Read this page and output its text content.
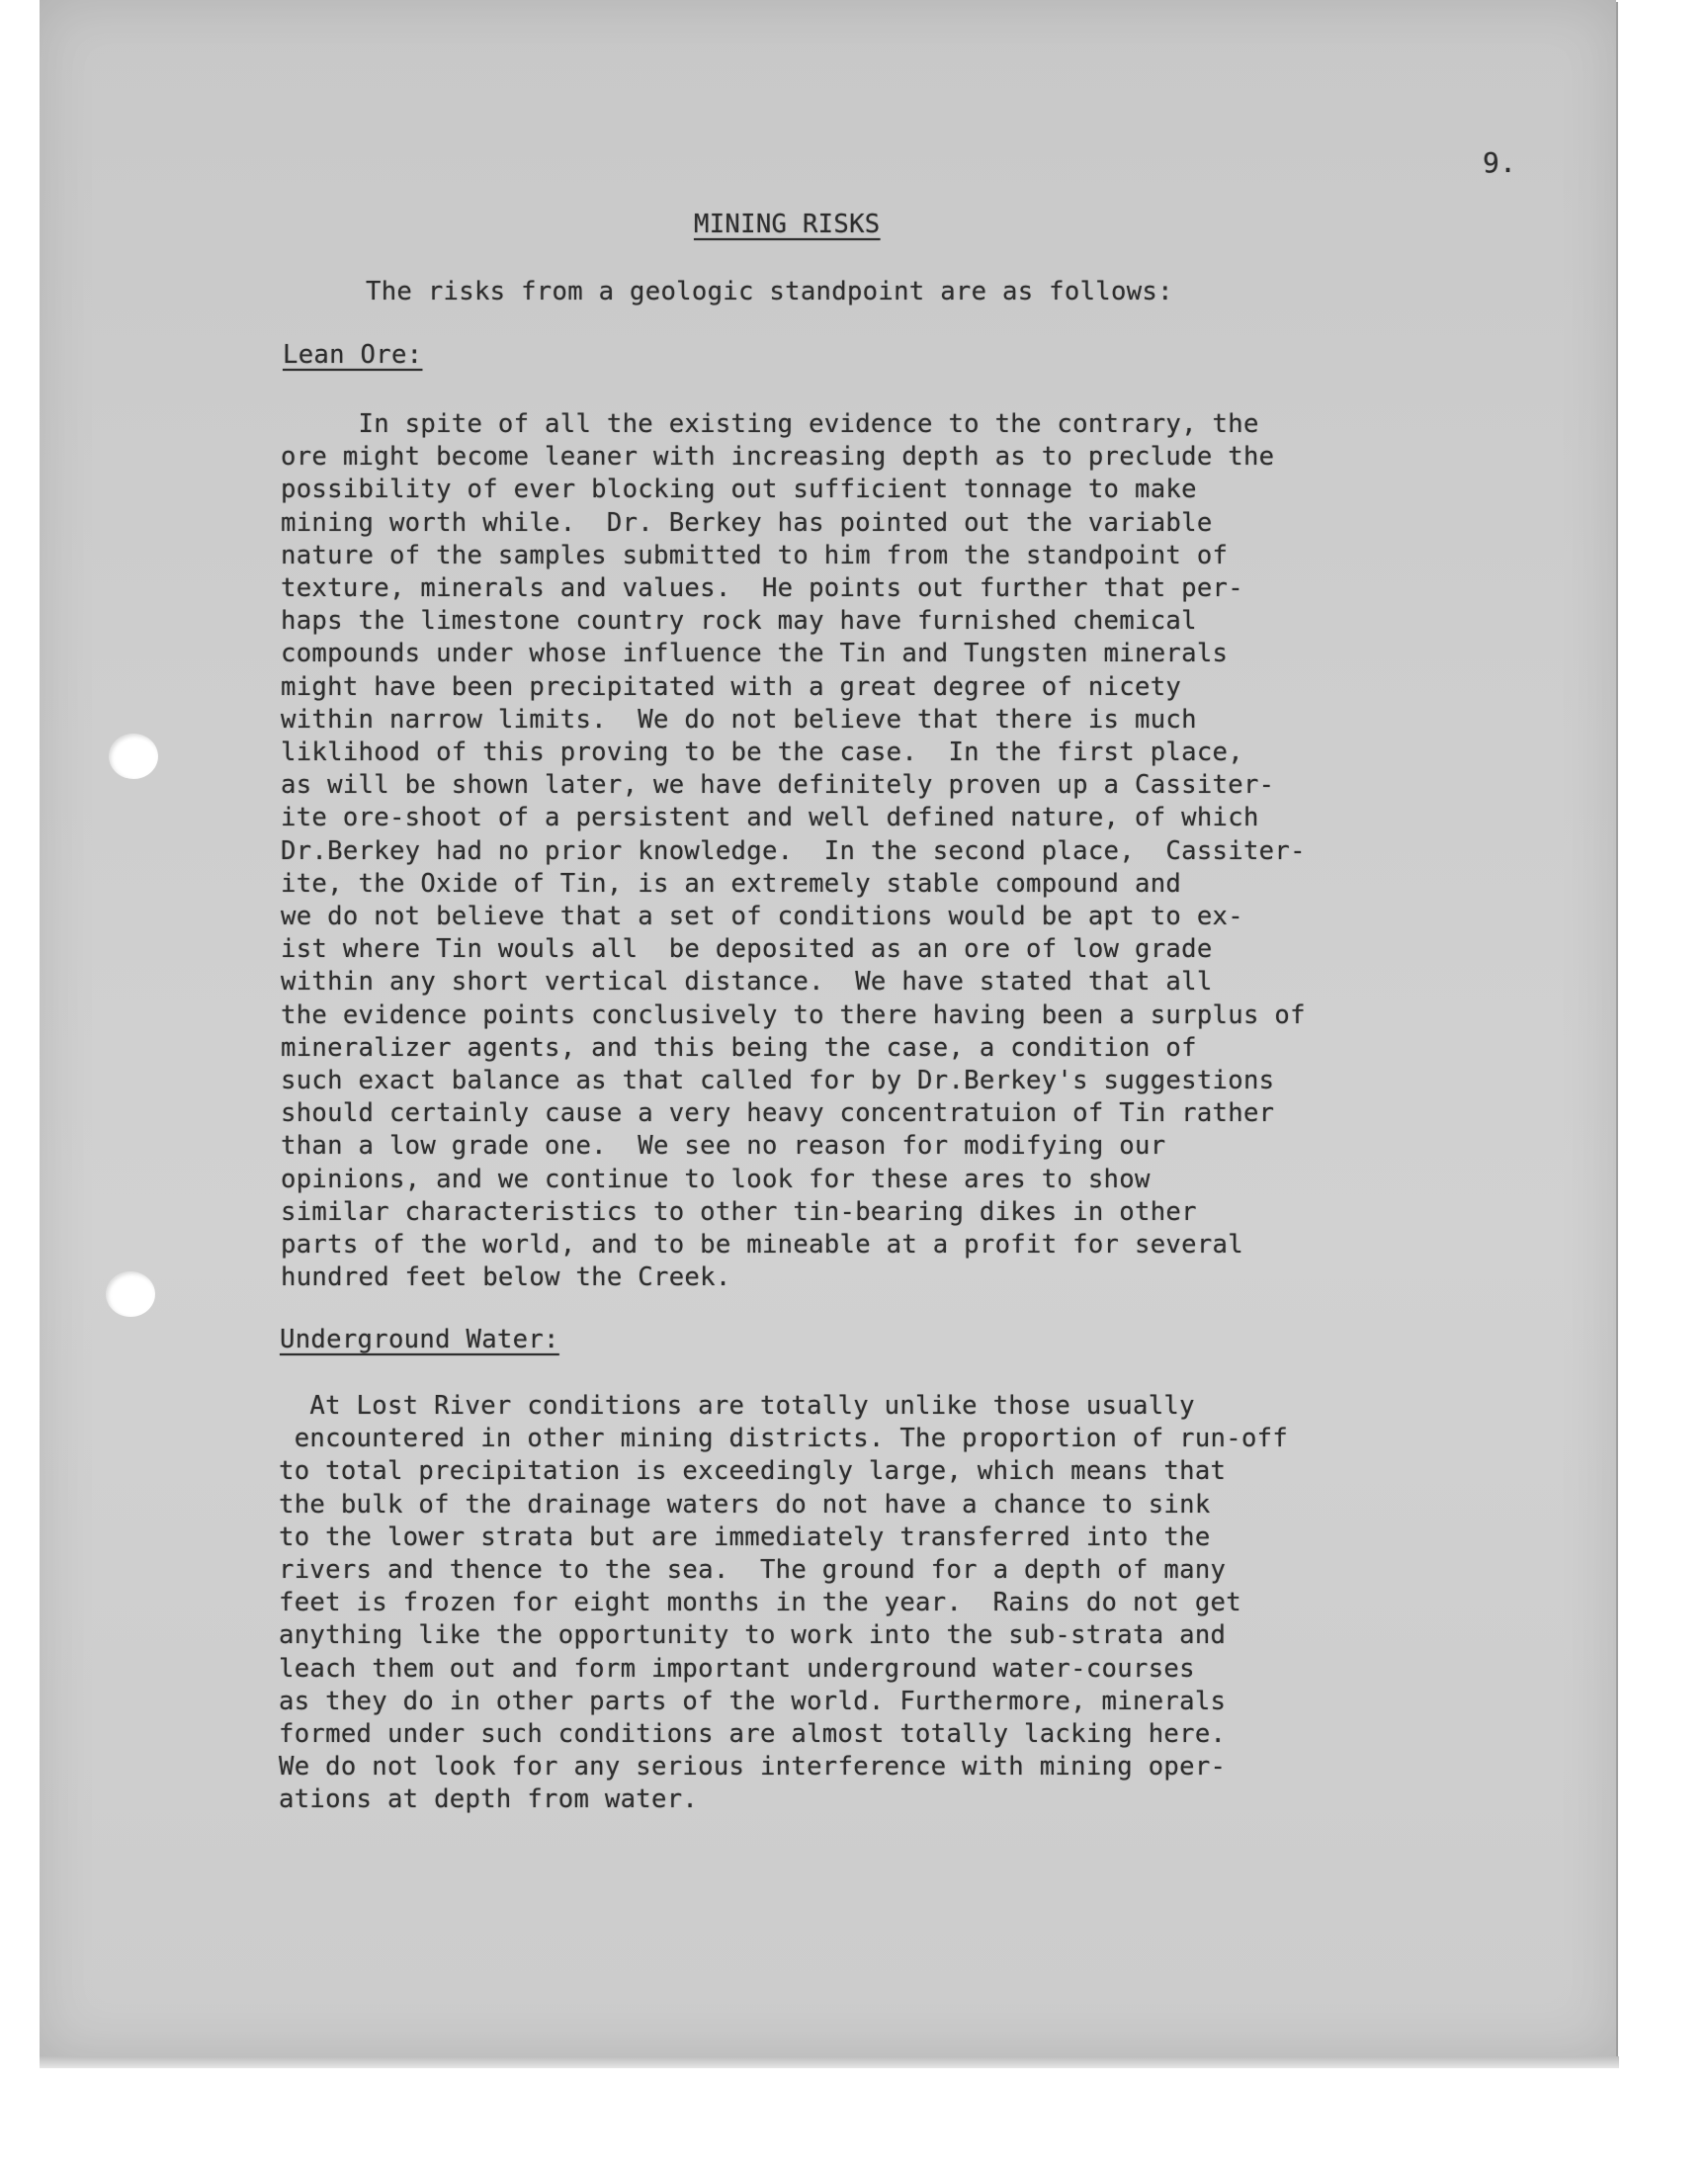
9.
MINING RISKS
The risks from a geologic standpoint are as follows:
Lean Ore:
In spite of all the existing evidence to the contrary, the
ore might become leaner with increasing depth as to preclude the
possibility of ever blocking out sufficient tonnage to make
mining worth while.  Dr. Berkey has pointed out the variable
nature of the samples submitted to him from the standpoint of
texture, minerals and values.  He points out further that per-
haps the limestone country rock may have furnished chemical
compounds under whose influence the Tin and Tungsten minerals
might have been precipitated with a great degree of nicety
within narrow limits.  We do not believe that there is much
liklihood of this proving to be the case.  In the first place,
as will be shown later, we have definitely proven up a Cassiter-
ite ore-shoot of a persistent and well defined nature, of which
Dr.Berkey had no prior knowledge.  In the second place,  Cassiter-
ite, the Oxide of Tin, is an extremely stable compound and
we do not believe that a set of conditions would be apt to ex-
ist where Tin wouls all  be deposited as an ore of low grade
within any short vertical distance.  We have stated that all
the evidence points conclusively to there having been a surplus of
mineralizer agents, and this being the case, a condition of
such exact balance as that called for by Dr.Berkey's suggestions
should certainly cause a very heavy concentratuion of Tin rather
than a low grade one.  We see no reason for modifying our
opinions, and we continue to look for these ares to show
similar characteristics to other tin-bearing dikes in other
parts of the world, and to be mineable at a profit for several
hundred feet below the Creek.
Underground Water:
At Lost River conditions are totally unlike those usually
encountered in other mining districts. The proportion of run-off
to total precipitation is exceedingly large, which means that
the bulk of the drainage waters do not have a chance to sink
to the lower strata but are immediately transferred into the
rivers and thence to the sea.  The ground for a depth of many
feet is frozen for eight months in the year.  Rains do not get
anything like the opportunity to work into the sub-strata and
leach them out and form important underground water-courses
as they do in other parts of the world. Furthermore, minerals
formed under such conditions are almost totally lacking here.
We do not look for any serious interference with mining oper-
ations at depth from water.
